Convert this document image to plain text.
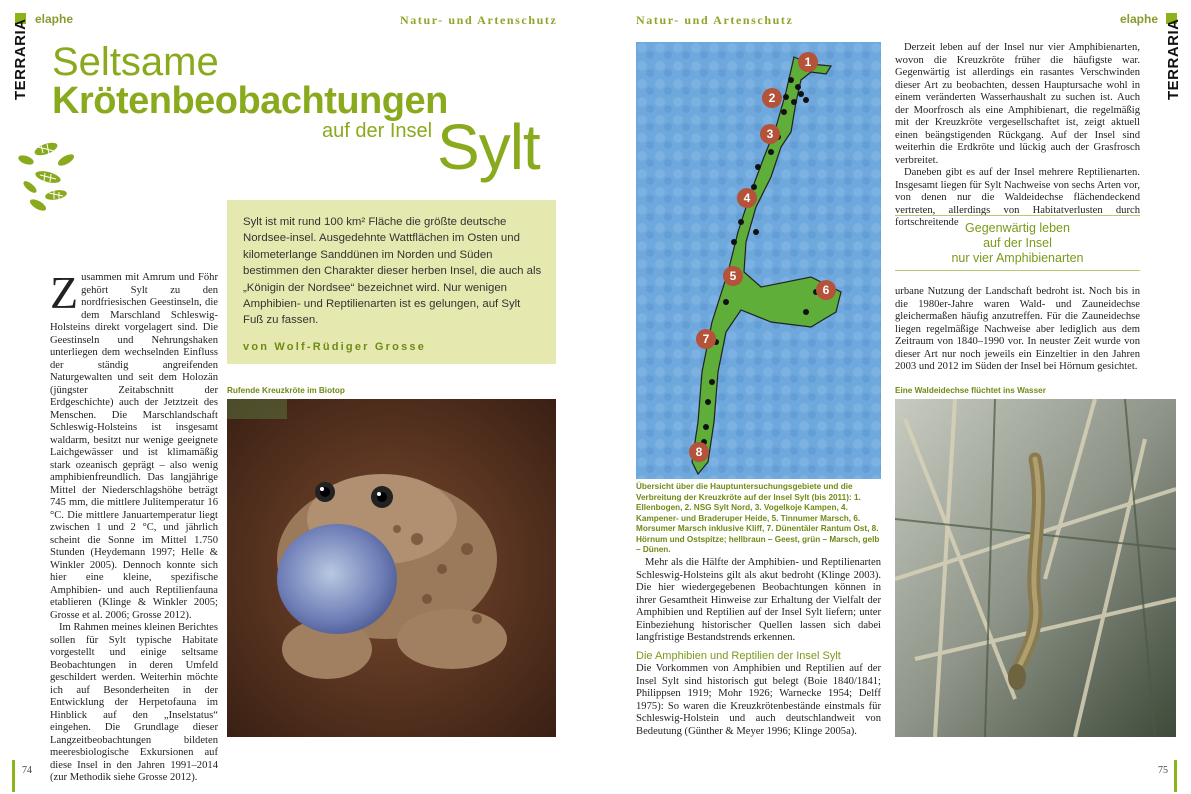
elaphe	Natur- und Artenschutz	Natur- und Artenschutz	elaphe
TERRARIA	TERRARIA
Seltsame
Krötenbeobachtungen
auf der Insel Sylt
Sylt ist mit rund 100 km² Fläche die größte deutsche Nordsee-insel. Ausgedehnte Wattflächen im Osten und kilometerlange Sanddünen im Norden und Süden bestimmen den Charakter dieser herben Insel, die auch als „Königin der Nordsee“ bezeichnet wird. Nur wenigen Amphibien- und Reptilienarten ist es gelungen, auf Sylt Fuß zu fassen.
von Wolf-Rüdiger Grosse

Zusammen mit Amrum und Föhr gehört Sylt zu den nordfriesischen Geestinseln, die dem Marschland Schleswig-Holsteins direkt vorgelagert sind. Die Geestinseln und Nehrungshaken unterliegen dem wechselnden Einfluss der ständig angreifenden Naturgewalten und seit dem Holozän (jüngster Zeitabschnitt der Erdgeschichte) auch der Jetztzeit des Menschen. Die Marschlandschaft Schleswig-Holsteins ist insgesamt waldarm, besitzt nur wenige geeignete Laichgewässer und ist klimamäßig stark ozeanisch geprägt – also wenig amphibienfreundlich. Das langjährige Mittel der Niederschlagshöhe beträgt 745 mm, die mittlere Julitemperatur 16 °C. Die mittlere Januartemperatur liegt zwischen 1 und 2 °C, und jährlich scheint die Sonne im Mittel 1.750 Stunden (Heydemann 1997; Helle & Winkler 2005). Dennoch konnte sich hier eine kleine, spezifische Amphibien- und auch Reptilienfauna etablieren (Klinge & Winkler 2005; Grosse et al. 2006; Grosse 2012).

Im Rahmen meines kleinen Berichtes sollen für Sylt typische Habitate vorgestellt und einige seltsame Beobachtungen in deren Umfeld geschildert werden. Weiterhin möchte ich auf Besonderheiten in der Entwicklung der Herpetofauna im Hinblick auf den „Inselstatus“ eingehen. Die Grundlage dieser Langzeitbeobachtungen bildeten meeresbiologische Exkursionen auf diese Insel in den Jahren 1991–2014 (zur Methodik siehe Grosse 2012).

Rufende Kreuzkröte im Biotop
1
2
3
4
5
6
7
8
Übersicht über die Hauptuntersuchungsgebiete und die Verbreitung der Kreuzkröte auf der Insel Sylt (bis 2011): 1. Ellenbogen, 2. NSG Sylt Nord, 3. Vogelkoje Kampen, 4. Kampener- und Braderuper Heide, 5. Tinnumer Marsch, 6. Morsumer Marsch inklusive Kliff, 7. Dünentäler Rantum Ost, 8. Hörnum und Ostspitze; hellbraun – Geest, grün – Marsch, gelb – Dünen.

Mehr als die Hälfte der Amphibien- und Reptilienarten Schleswig-Holsteins gilt als akut bedroht (Klinge 2003). Die hier wiedergegebenen Beobachtungen können in ihrer Gesamtheit Hinweise zur Erhaltung der Vielfalt der Amphibien und Reptilien auf der Insel Sylt liefern; unter Einbeziehung historischer Quellen lassen sich dabei langfristige Bestandstrends erkennen.

Die Amphibien und Reptilien der Insel Sylt

Die Vorkommen von Amphibien und Reptilien auf der Insel Sylt sind historisch gut belegt (Boie 1840/1841; Philippsen 1919; Mohr 1926; Warnecke 1954; Delff 1975): So waren die Kreuzkrötenbestände einstmals für Schleswig-Holstein und auch deutschlandweit von Bedeutung (Günther & Meyer 1996; Klinge 2005a).

Derzeit leben auf der Insel nur vier Amphibienarten, wovon die Kreuzkröte früher die häufigste war. Gegenwärtig ist allerdings ein rasantes Verschwinden dieser Art zu beobachten, dessen Hauptursache wohl in einem veränderten Wasserhaushalt zu suchen ist. Auch der Moorfrosch als eine Amphibienart, die regelmäßig mit der Kreuzkröte vergesellschaftet ist, zeigt aktuell einen beängstigenden Rückgang. Auf der Insel sind weiterhin die Erdkröte und lückig auch der Grasfrosch verbreitet.

Daneben gibt es auf der Insel mehrere Reptilienarten. Insgesamt liegen für Sylt Nachweise von sechs Arten vor, von denen nur die Waldeidechse flächendeckend vertreten, allerdings von Habitatverlusten durch fortschreitende Gegenwärtig leben
auf der Insel
nur vier Amphibienarten

urbane Nutzung der Landschaft bedroht ist. Noch bis in die 1980er-Jahre waren Wald- und Zauneidechse gleichermaßen häufig anzutreffen. Für die Zauneidechse liegen regelmäßige Nachweise aber lediglich aus dem Zeitraum von 1840–1990 vor. In neuster Zeit wurde von dieser Art nur noch jeweils ein Einzeltier in den Jahren 2003 und 2012 im Süden der Insel bei Hörnum gesichtet.

Eine Waldeidechse flüchtet ins Wasser
74	75
